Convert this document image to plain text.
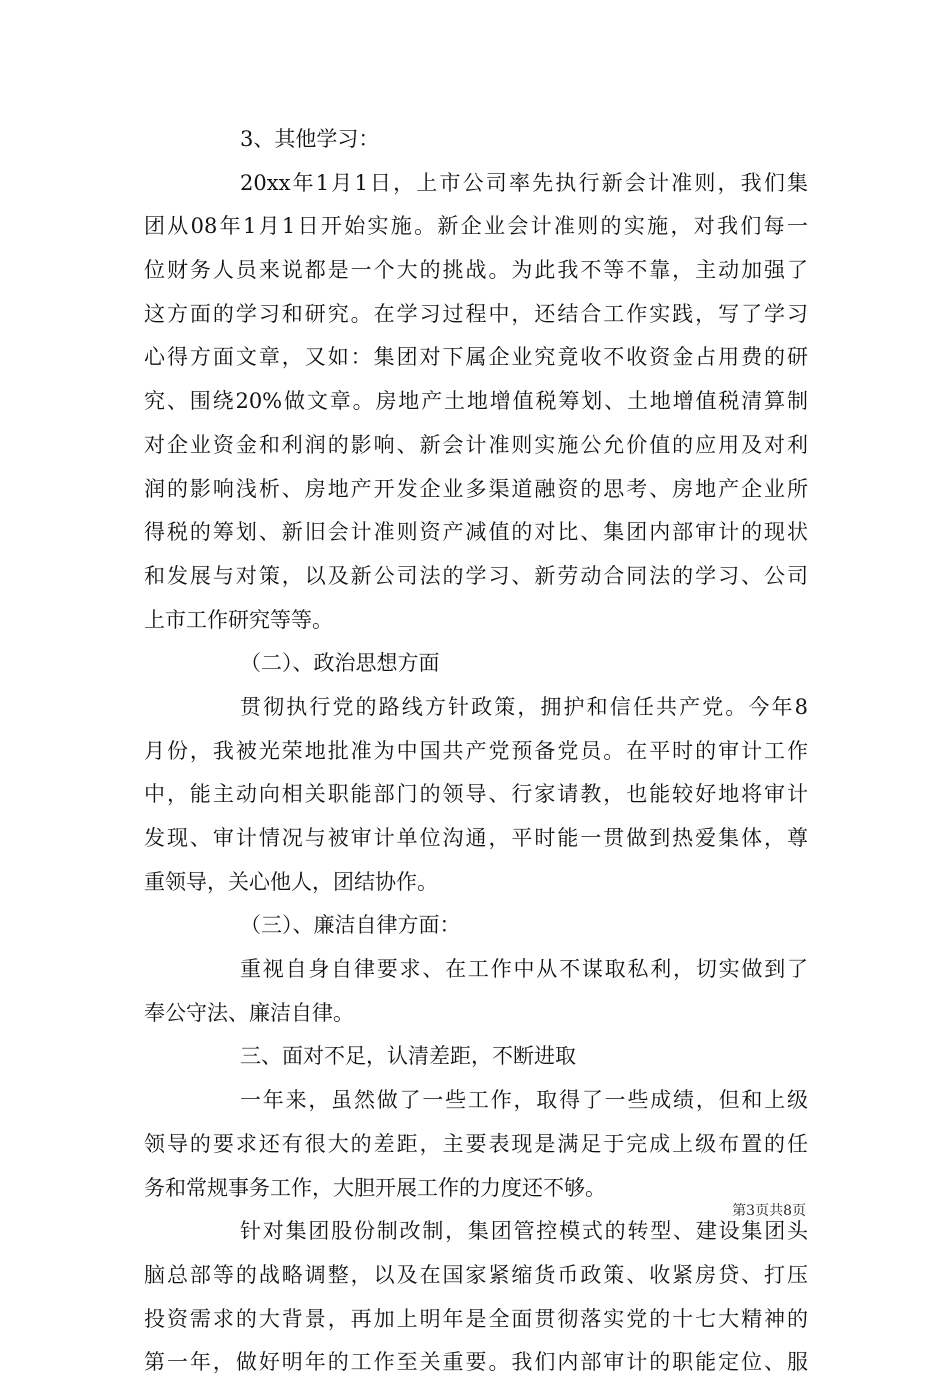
3、其他学习：
20xx年1月1日，上市公司率先执行新会计准则，我们集
团从08年1月1日开始实施。新企业会计准则的实施，对我们每一
位财务人员来说都是一个大的挑战。为此我不等不靠，主动加强了
这方面的学习和研究。在学习过程中，还结合工作实践，写了学习
心得方面文章，又如：集团对下属企业究竟收不收资金占用费的研
究、围绕20%做文章。房地产土地增值税筹划、土地增值税清算制
对企业资金和利润的影响、新会计准则实施公允价值的应用及对利
润的影响浅析、房地产开发企业多渠道融资的思考、房地产企业所
得税的筹划、新旧会计准则资产减值的对比、集团内部审计的现状
和发展与对策，以及新公司法的学习、新劳动合同法的学习、公司
上市工作研究等等。
（二）、政治思想方面
贯彻执行党的路线方针政策，拥护和信任共产党。今年8
月份，我被光荣地批准为中国共产党预备党员。在平时的审计工作
中，能主动向相关职能部门的领导、行家请教，也能较好地将审计
发现、审计情况与被审计单位沟通，平时能一贯做到热爱集体，尊
重领导，关心他人，团结协作。
（三）、廉洁自律方面：
重视自身自律要求、在工作中从不谋取私利，切实做到了
奉公守法、廉洁自律。
三、面对不足，认清差距，不断进取
一年来，虽然做了一些工作，取得了一些成绩，但和上级
领导的要求还有很大的差距，主要表现是满足于完成上级布置的任
务和常规事务工作，大胆开展工作的力度还不够。
针对集团股份制改制，集团管控模式的转型、建设集团头
脑总部等的战略调整，以及在国家紧缩货币政策、收紧房贷、打压
投资需求的大背景，再加上明年是全面贯彻落实党的十七大精神的
第一年，做好明年的工作至关重要。我们内部审计的职能定位、服
第3页共8页
